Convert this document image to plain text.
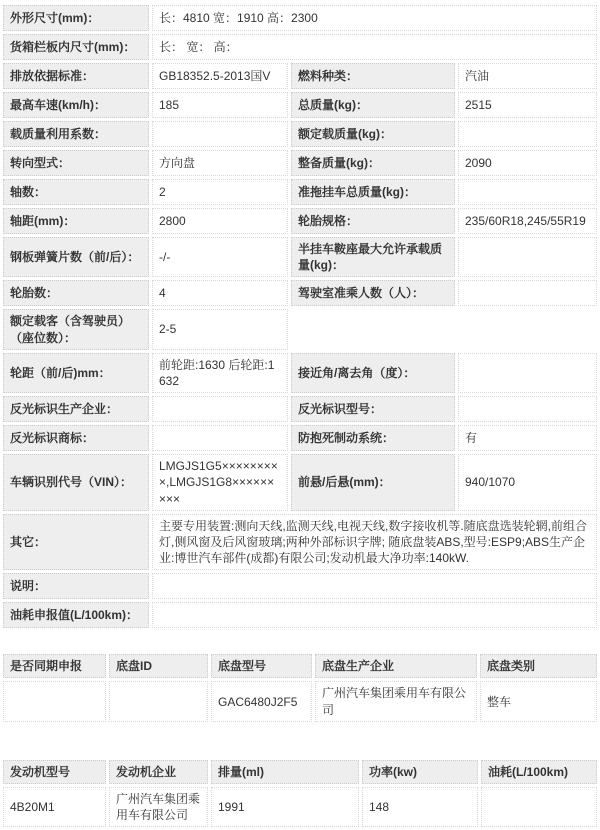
外形尺寸(mm)：	长：4810 宽：1910 高：2300		
货箱栏板内尺寸(mm)：	长： 宽： 高：		
排放依据标准：	GB18352.5-2013国V	燃料种类：	汽油
最高车速(km/h)：	185	总质量(kg)：	2515
载质量利用系数：		额定载质量(kg)：	
转向型式：	方向盘	整备质量(kg)：	2090
轴数：	2	准拖挂车总质量(kg)：	
轴距(mm)：	2800	轮胎规格：	235/60R18,245/55R19
钢板弹簧片数（前/后）：	-/-	半挂车鞍座最大允许承载质量(kg)：	
轮胎数：	4	驾驶室准乘人数（人）：	
额定载客（含驾驶员）（座位数）：	2-5		
轮距（前/后)mm：	前轮距:1630 后轮距:1632	接近角/离去角（度）：	
反光标识生产企业：		反光标识型号：	
反光标识商标：		防抱死制动系统：	有
车辆识别代号（VIN）：	LMGJS1G5×××××××××,LMGJS1G8×××××××××	前悬/后悬(mm)：	940/1070
其它：	主要专用装置:测向天线,监测天线,电视天线,数字接收机等.随底盘选装轮辋,前组合灯,侧风窗及后风窗玻璃;两种外部标识字牌; 随底盘装ABS,型号:ESP9;ABS生产企业:博世汽车部件(成都)有限公司;发动机最大净功率:140kW.		
说明：			
油耗申报值(L/100km)：			
是否同期申报	底盘ID	底盘型号	底盘生产企业	底盘类别
		GAC6480J2F5	广州汽车集团乘用车有限公司	整车
发动机型号	发动机企业	排量(ml)	功率(kw)	油耗(L/100km)
4B20M1	广州汽车集团乘用车有限公司	1991	148	
